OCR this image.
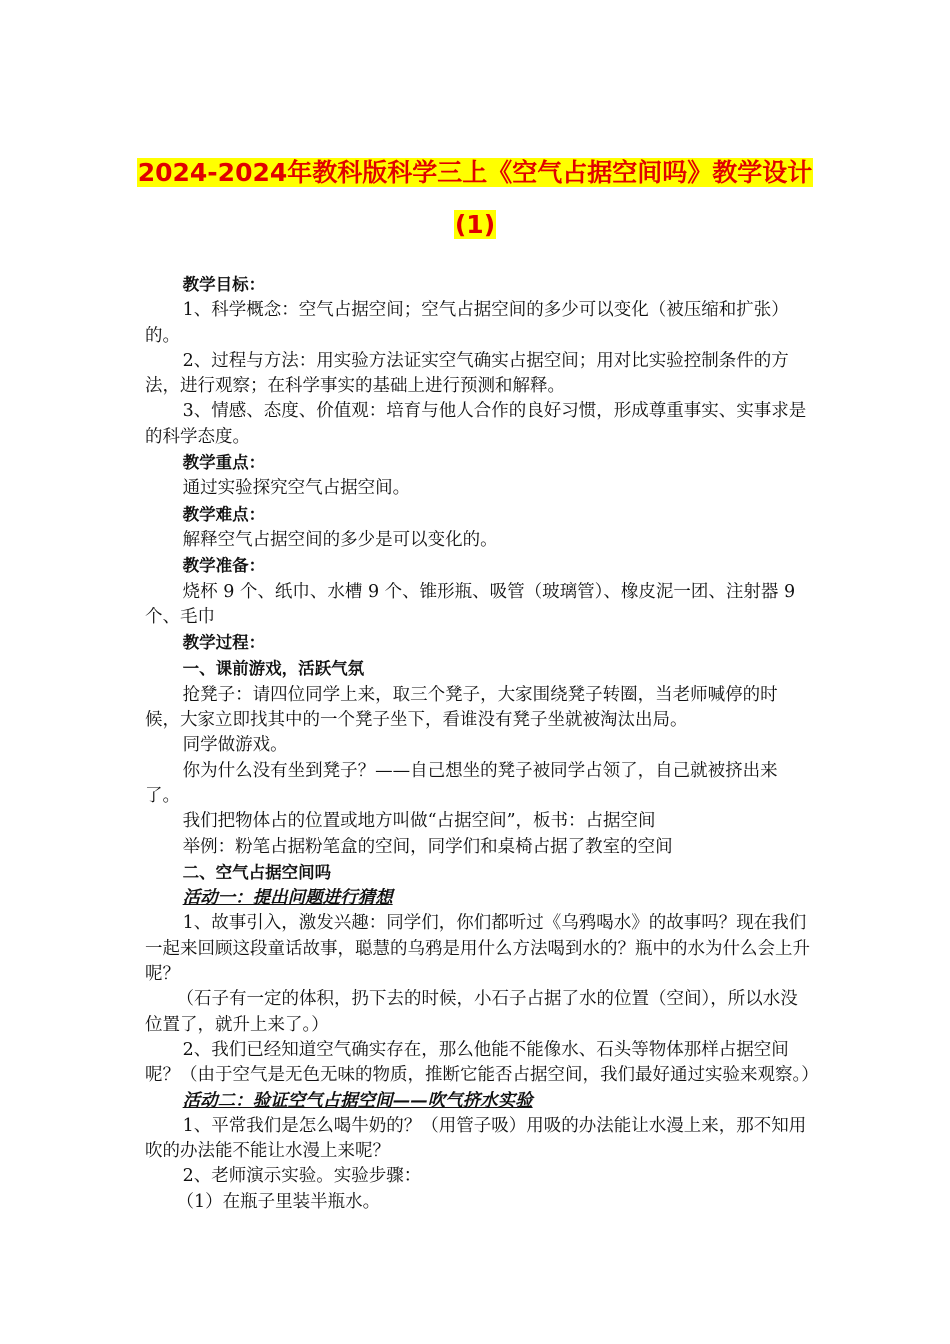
2024-2024年教科版科学三上《空气占据空间吗》教学设计
(1)

教学目标：

1、科学概念：空气占据空间；空气占据空间的多少可以变化（被压缩和扩张）的。

2、过程与方法：用实验方法证实空气确实占据空间；用对比实验控制条件的方法，进行观察；在科学事实的基础上进行预测和解释。

3、情感、态度、价值观：培育与他人合作的良好习惯，形成尊重事实、实事求是的科学态度。

教学重点：

通过实验探究空气占据空间。

教学难点：

解释空气占据空间的多少是可以变化的。

教学准备：

烧杯 9 个、纸巾、水槽 9 个、锥形瓶、吸管（玻璃管）、橡皮泥一团、注射器 9 个、毛巾

教学过程：

一、课前游戏，活跃气氛

抢凳子：请四位同学上来，取三个凳子，大家围绕凳子转圈，当老师喊停的时候，大家立即找其中的一个凳子坐下，看谁没有凳子坐就被淘汰出局。

同学做游戏。

你为什么没有坐到凳子？——自己想坐的凳子被同学占领了，自己就被挤出来了。

我们把物体占的位置或地方叫做“占据空间”，板书：占据空间

举例：粉笔占据粉笔盒的空间，同学们和桌椅占据了教室的空间

二、空气占据空间吗

活动一：提出问题进行猜想

1、故事引入，激发兴趣：同学们，你们都听过《乌鸦喝水》的故事吗？现在我们一起来回顾这段童话故事，聪慧的乌鸦是用什么方法喝到水的？瓶中的水为什么会上升呢？

（石子有一定的体积，扔下去的时候，小石子占据了水的位置（空间），所以水没位置了，就升上来了。）

2、我们已经知道空气确实存在，那么他能不能像水、石头等物体那样占据空间呢？（由于空气是无色无味的物质，推断它能否占据空间，我们最好通过实验来观察。）

活动二：验证空气占据空间——吹气挤水实验

1、平常我们是怎么喝牛奶的？（用管子吸）用吸的办法能让水漫上来，那不知用吹的办法能不能让水漫上来呢？

2、老师演示实验。实验步骤：

（1）在瓶子里装半瓶水。
